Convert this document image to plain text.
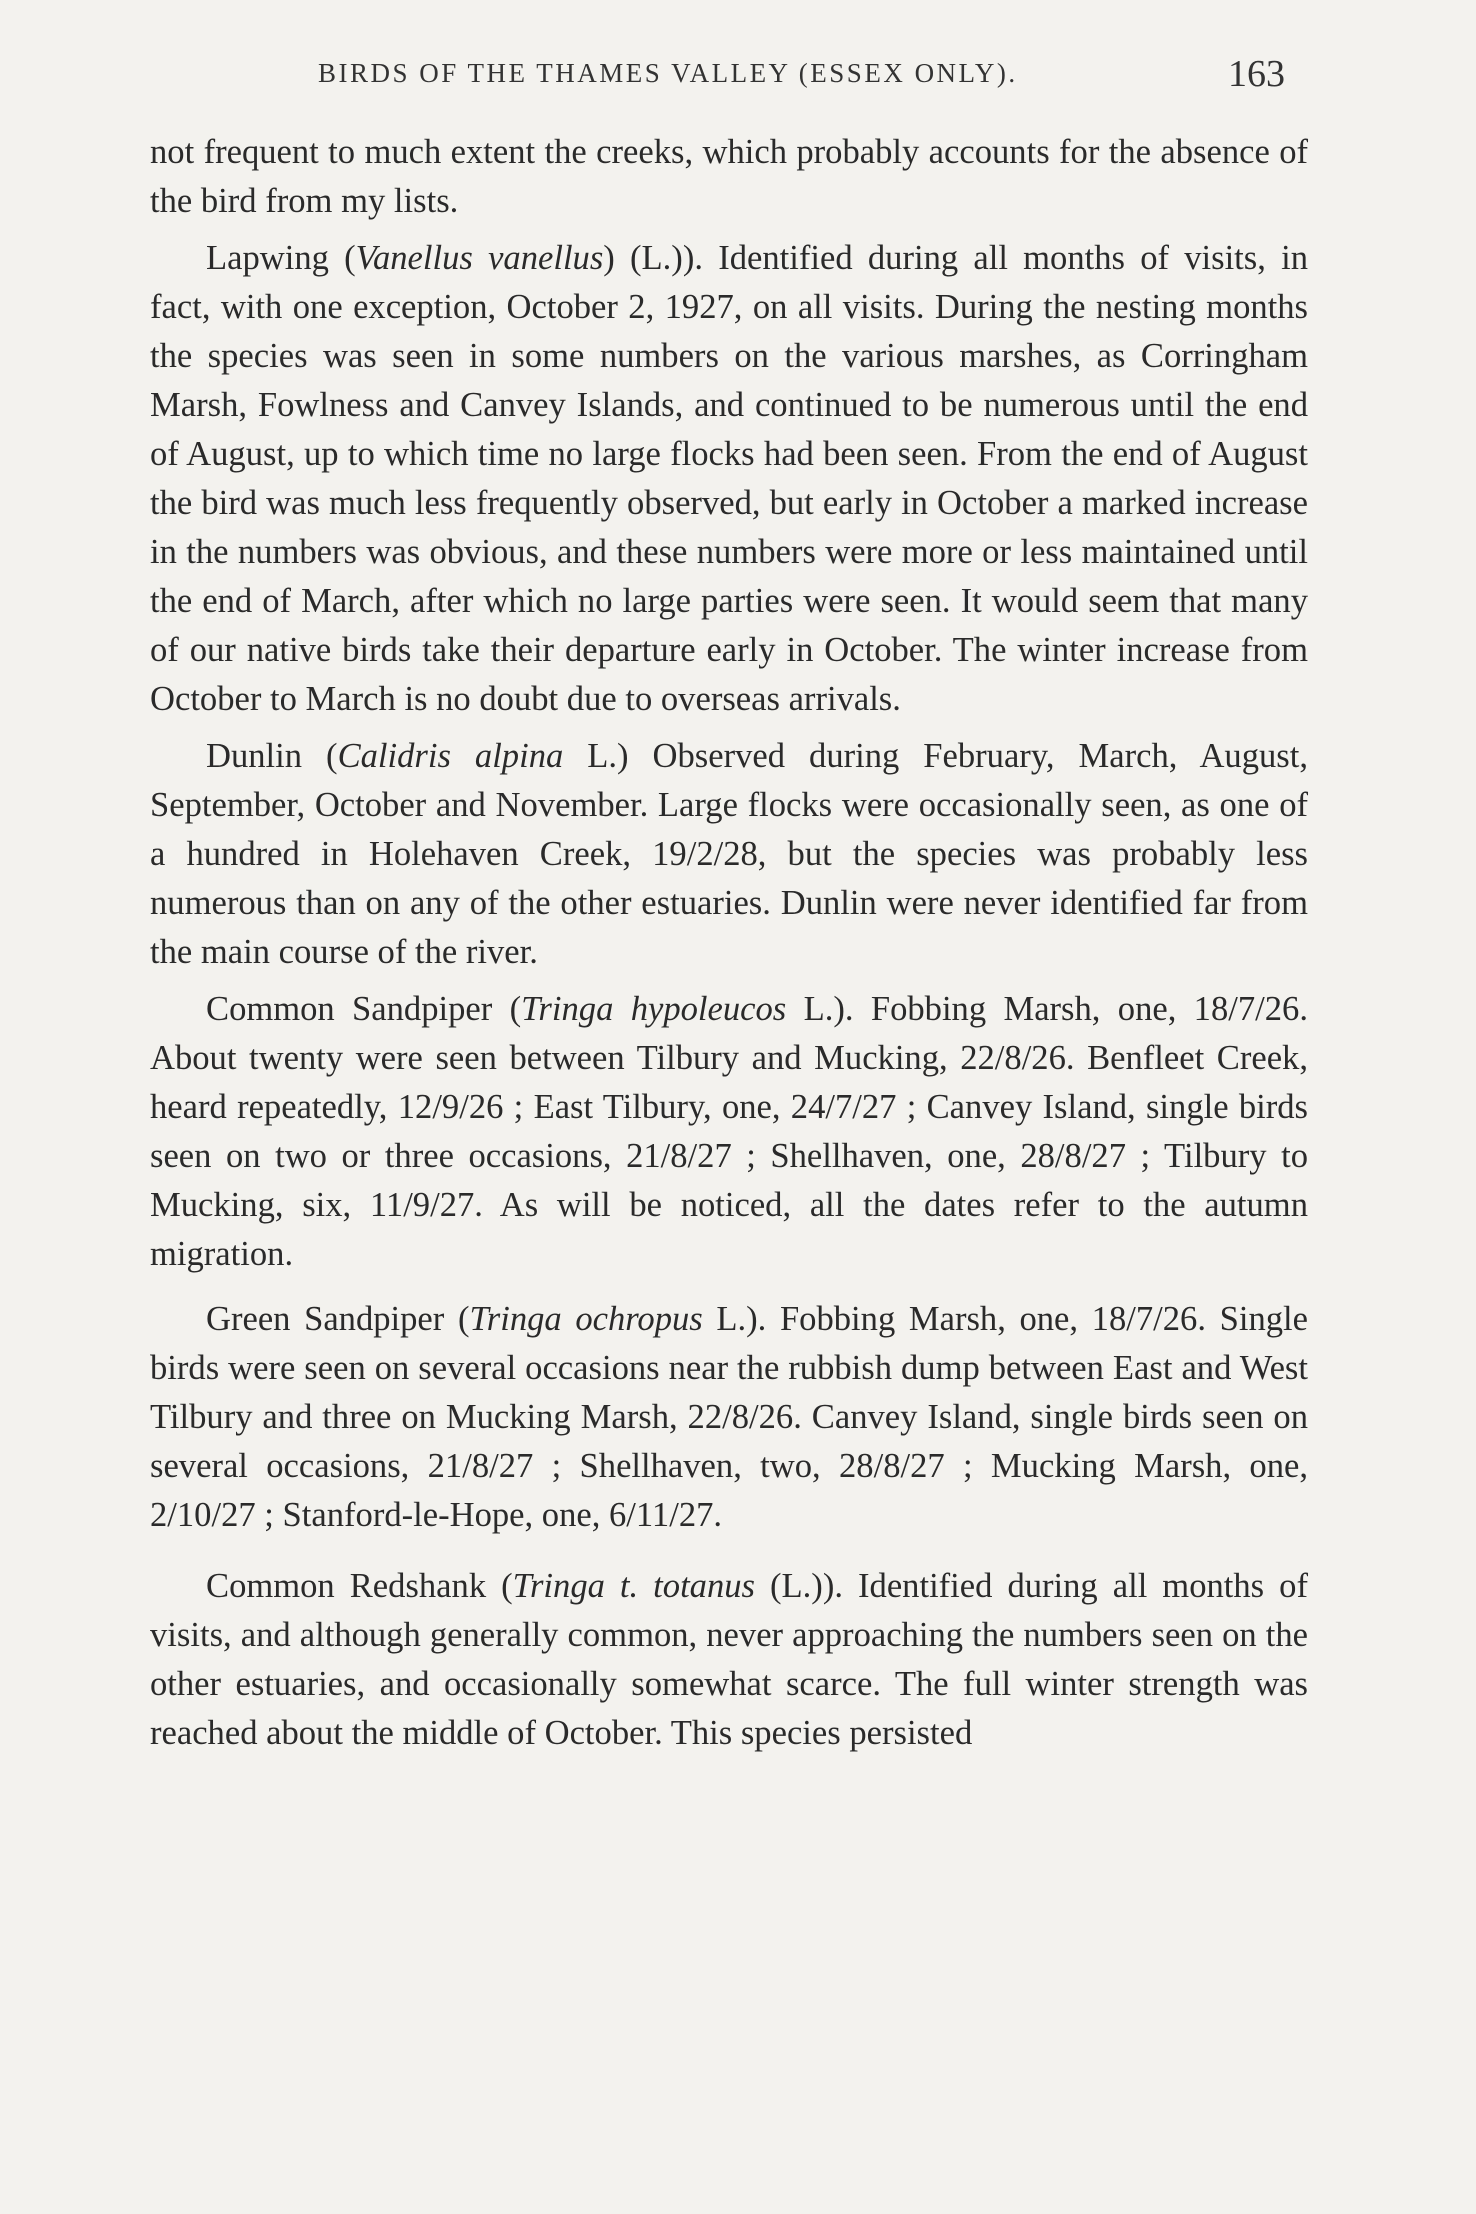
BIRDS OF THE THAMES VALLEY (ESSEX ONLY).	163

not frequent to much extent the creeks, which probably accounts for the absence of the bird from my lists.

Lapwing (Vanellus vanellus) (L.)). Identified during all months of visits, in fact, with one exception, October 2, 1927, on all visits. During the nesting months the species was seen in some numbers on the various marshes, as Corringham Marsh, Fowlness and Canvey Islands, and continued to be numerous until the end of August, up to which time no large flocks had been seen. From the end of August the bird was much less frequently observed, but early in October a marked increase in the numbers was obvious, and these numbers were more or less maintained until the end of March, after which no large parties were seen. It would seem that many of our native birds take their departure early in October. The winter increase from October to March is no doubt due to overseas arrivals.

Dunlin (Calidris alpina L.) Observed during February, March, August, September, October and November. Large flocks were occasionally seen, as one of a hundred in Holehaven Creek, 19/2/28, but the species was probably less numerous than on any of the other estuaries. Dunlin were never identified far from the main course of the river.

Common Sandpiper (Tringa hypoleucos L.). Fobbing Marsh, one, 18/7/26. About twenty were seen between Tilbury and Mucking, 22/8/26. Benfleet Creek, heard repeatedly, 12/9/26 ; East Tilbury, one, 24/7/27 ; Canvey Island, single birds seen on two or three occasions, 21/8/27 ; Shellhaven, one, 28/8/27 ; Tilbury to Mucking, six, 11/9/27. As will be noticed, all the dates refer to the autumn migration.

Green Sandpiper (Tringa ochropus L.). Fobbing Marsh, one, 18/7/26. Single birds were seen on several occasions near the rubbish dump between East and West Tilbury and three on Mucking Marsh, 22/8/26. Canvey Island, single birds seen on several occasions, 21/8/27 ; Shellhaven, two, 28/8/27 ; Mucking Marsh, one, 2/10/27 ; Stanford-le-Hope, one, 6/11/27.

Common Redshank (Tringa t. totanus (L.)). Identified during all months of visits, and although generally common, never approaching the numbers seen on the other estuaries, and occasionally somewhat scarce. The full winter strength was reached about the middle of October. This species persisted
